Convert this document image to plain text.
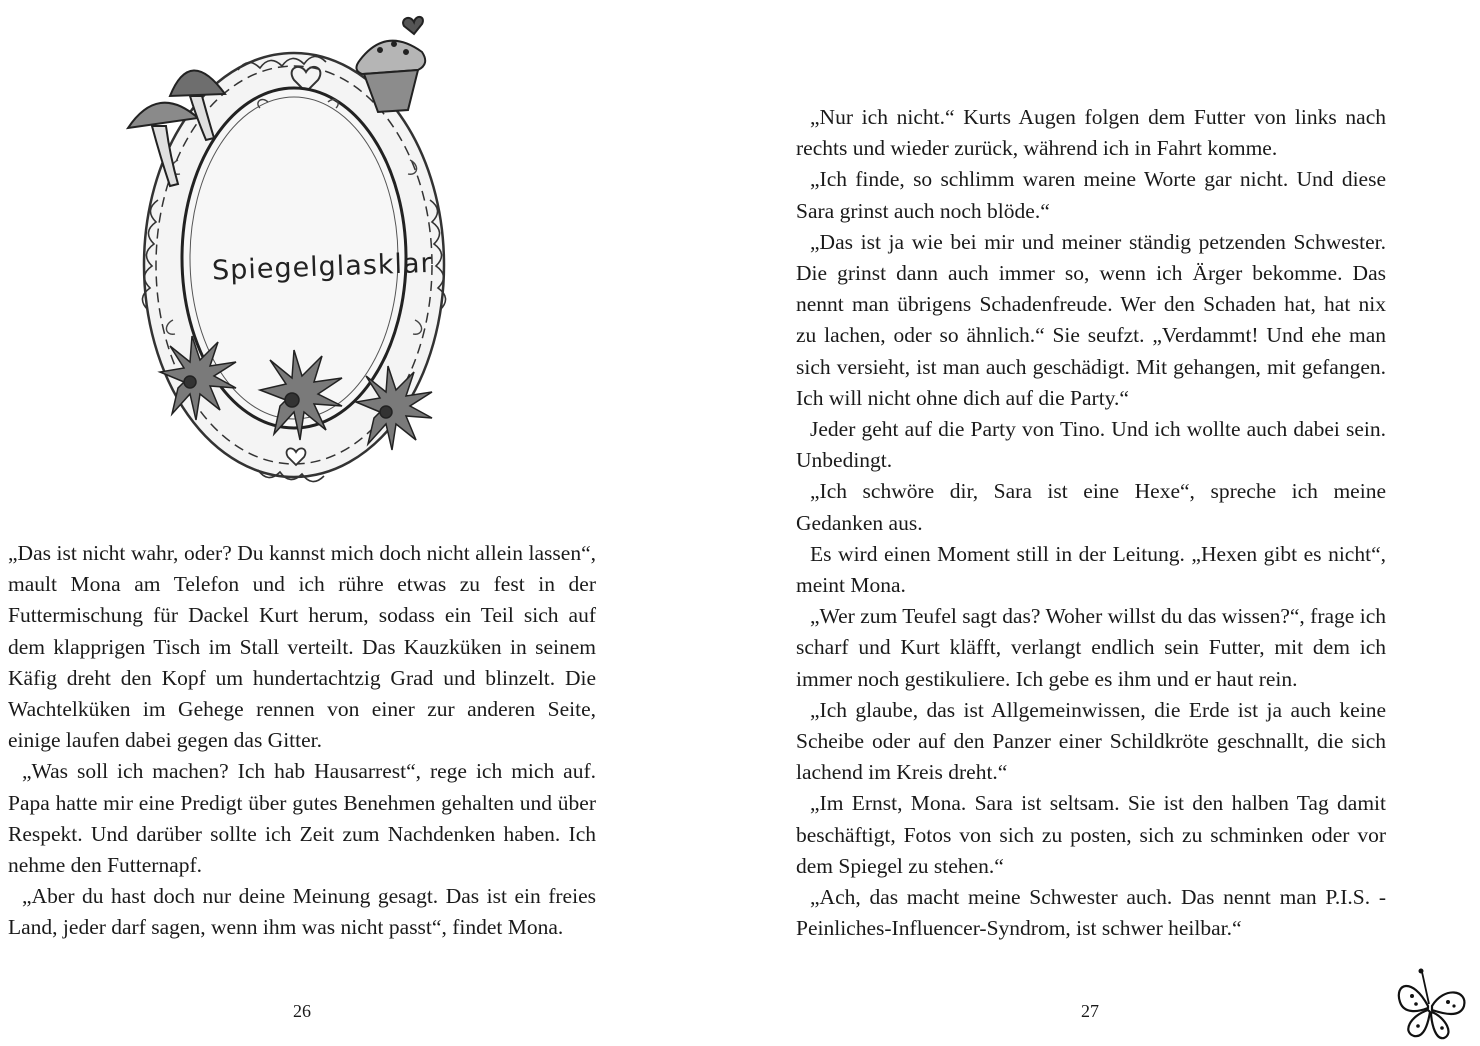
Spiegelglasklar

„Das ist nicht wahr, oder? Du kannst mich doch nicht allein lassen“, mault Mona am Telefon und ich rühre etwas zu fest in der Futtermischung für Dackel Kurt herum, sodass ein Teil sich auf dem klapprigen Tisch im Stall verteilt. Das Kauzküken in seinem Käfig dreht den Kopf um hundertachtzig Grad und blinzelt. Die Wachtelküken im Gehege rennen von einer zur anderen Seite, einige laufen dabei gegen das Gitter.

„Was soll ich machen? Ich hab Hausarrest“, rege ich mich auf. Papa hatte mir eine Predigt über gutes Benehmen gehalten und über Respekt. Und darüber sollte ich Zeit zum Nachdenken haben. Ich nehme den Futternapf.

„Aber du hast doch nur deine Meinung gesagt. Das ist ein freies Land, jeder darf sagen, wenn ihm was nicht passt“, findet Mona.

26

„Nur ich nicht.“ Kurts Augen folgen dem Futter von links nach rechts und wieder zurück, während ich in Fahrt komme.

„Ich finde, so schlimm waren meine Worte gar nicht. Und diese Sara grinst auch noch blöde.“

„Das ist ja wie bei mir und meiner ständig petzenden Schwester. Die grinst dann auch immer so, wenn ich Ärger bekomme. Das nennt man übrigens Schadenfreude. Wer den Schaden hat, hat nix zu lachen, oder so ähnlich.“ Sie seufzt. „Verdammt! Und ehe man sich versieht, ist man auch geschädigt. Mit gehangen, mit gefangen. Ich will nicht ohne dich auf die Party.“

Jeder geht auf die Party von Tino. Und ich wollte auch dabei sein. Unbedingt.

„Ich schwöre dir, Sara ist eine Hexe“, spreche ich meine Gedanken aus.

Es wird einen Moment still in der Leitung. „Hexen gibt es nicht“, meint Mona.

„Wer zum Teufel sagt das? Woher willst du das wissen?“, frage ich scharf und Kurt kläfft, verlangt endlich sein Futter, mit dem ich immer noch gestikuliere. Ich gebe es ihm und er haut rein.

„Ich glaube, das ist Allgemeinwissen, die Erde ist ja auch keine Scheibe oder auf den Panzer einer Schildkröte geschnallt, die sich lachend im Kreis dreht.“

„Im Ernst, Mona. Sara ist seltsam. Sie ist den halben Tag damit beschäftigt, Fotos von sich zu posten, sich zu schminken oder vor dem Spiegel zu stehen.“

„Ach, das macht meine Schwester auch. Das nennt man P.I.S. -Peinliches-Influencer-Syndrom, ist schwer heilbar.“

27
